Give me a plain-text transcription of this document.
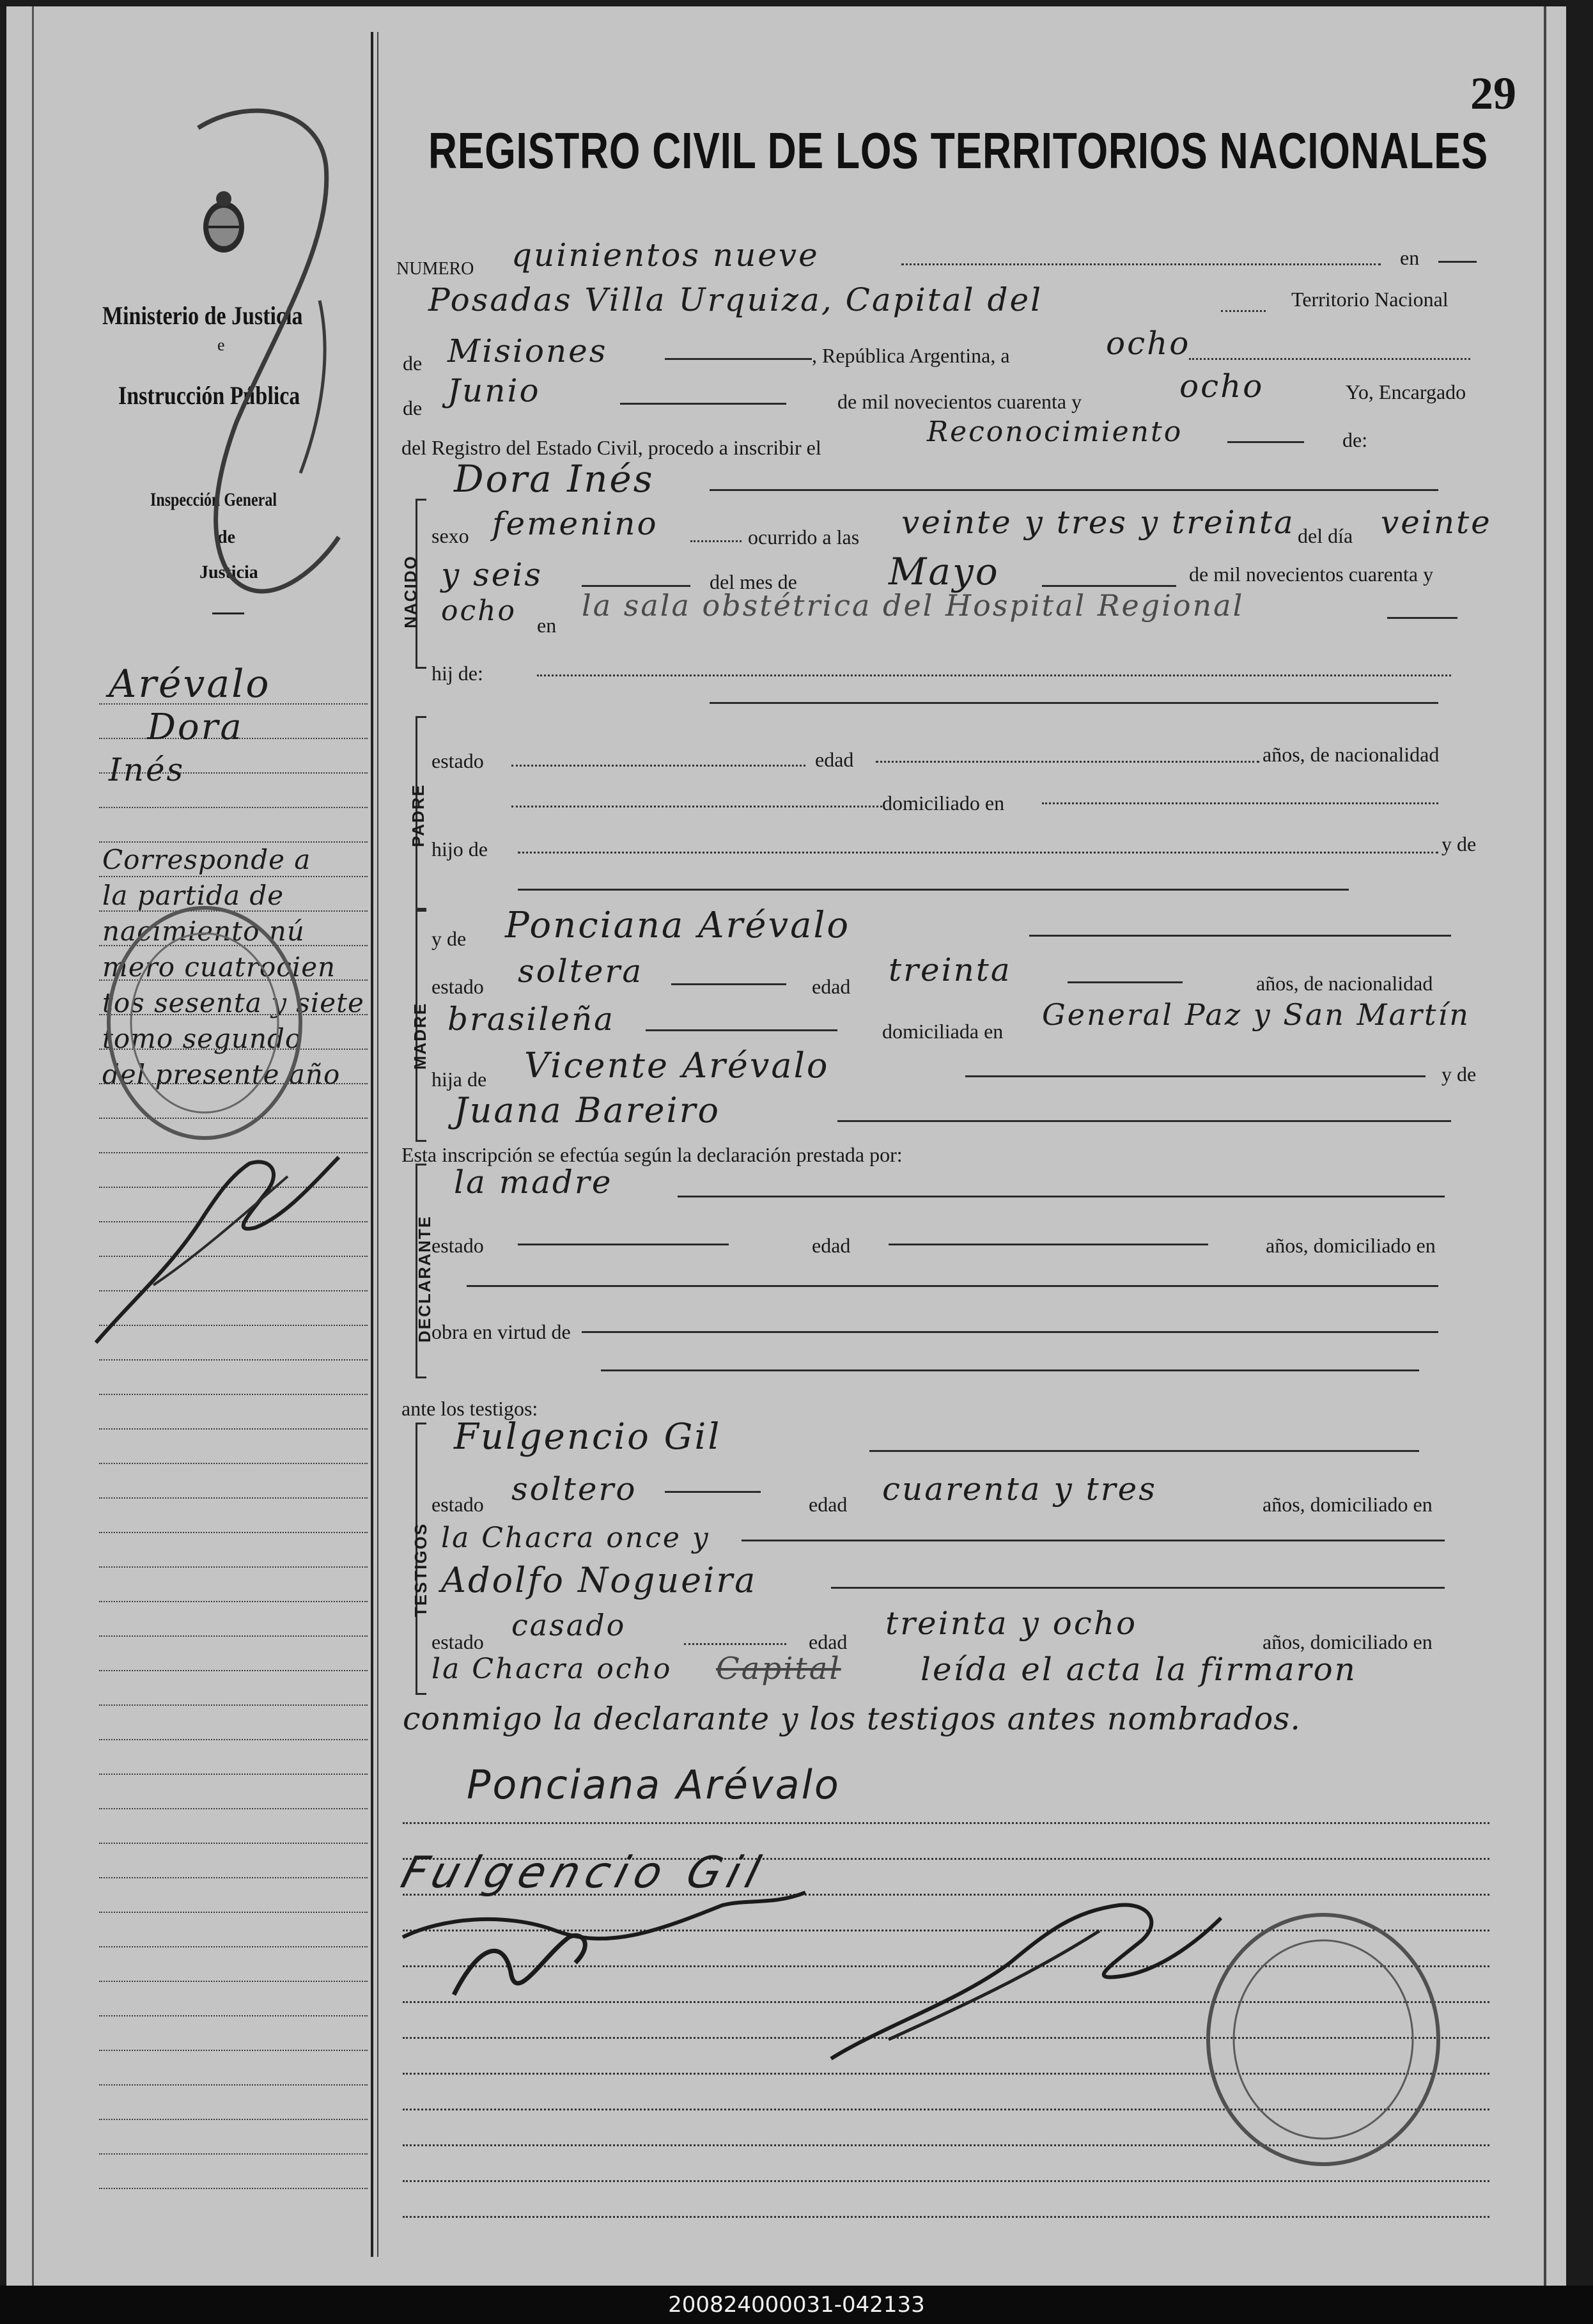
29
Ministerio de Justicia
e
Instrucción Pública
Inspección General
de
Justicia
Arévalo
Dora
Inés
Corresponde a
la partida de
nacimiento nú
mero cuatrocien
tos sesenta y siete
tomo segundo
del presente año
REGISTRO CIVIL DE LOS TERRITORIOS NACIONALES
NUMERO quinientos nueve	en
Posadas Villa Urquiza, Capital del	Territorio Nacional
de Misiones	, República Argentina, a	ocho
de Junio	de mil novecientos cuarenta y	ocho	Yo, Encargado
del Registro del Estado Civil, procedo a inscribir el	Reconocimiento	de:
Dora Inés
NACIDO
sexo femenino	ocurrido a las veinte y tres y treinta del día veinte
y seis	del mes de Mayo	de mil novecientos cuarenta y
ocho en
la sala obstétrica del Hospital Regional
hij de:
PADRE
estado	edad	años, de nacionalidad
domiciliado en
hijo de	y de
MADRE
y de Ponciana Arévalo
estado soltera	edad treinta	años, de nacionalidad
brasileña	domiciliada en General Paz y San Martín
hija de Vicente Arévalo	y de
Juana Bareiro
Esta inscripción se efectúa según la declaración prestada por:
DECLARANTE
la madre
estado	edad	años, domiciliado en
obra en virtud de
ante los testigos:
TESTIGOS
Fulgencio Gil
estado soltero	edad cuarenta y tres	años, domiciliado en
la Chacra once y
Adolfo Nogueira
estado casado	edad treinta y ocho	años, domiciliado en
la Chacra ocho Capital leída el acta la firmaron
conmigo la declarante y los testigos antes nombrados.
Ponciana Arévalo
Fulgencio Gil
200824000031-042133
